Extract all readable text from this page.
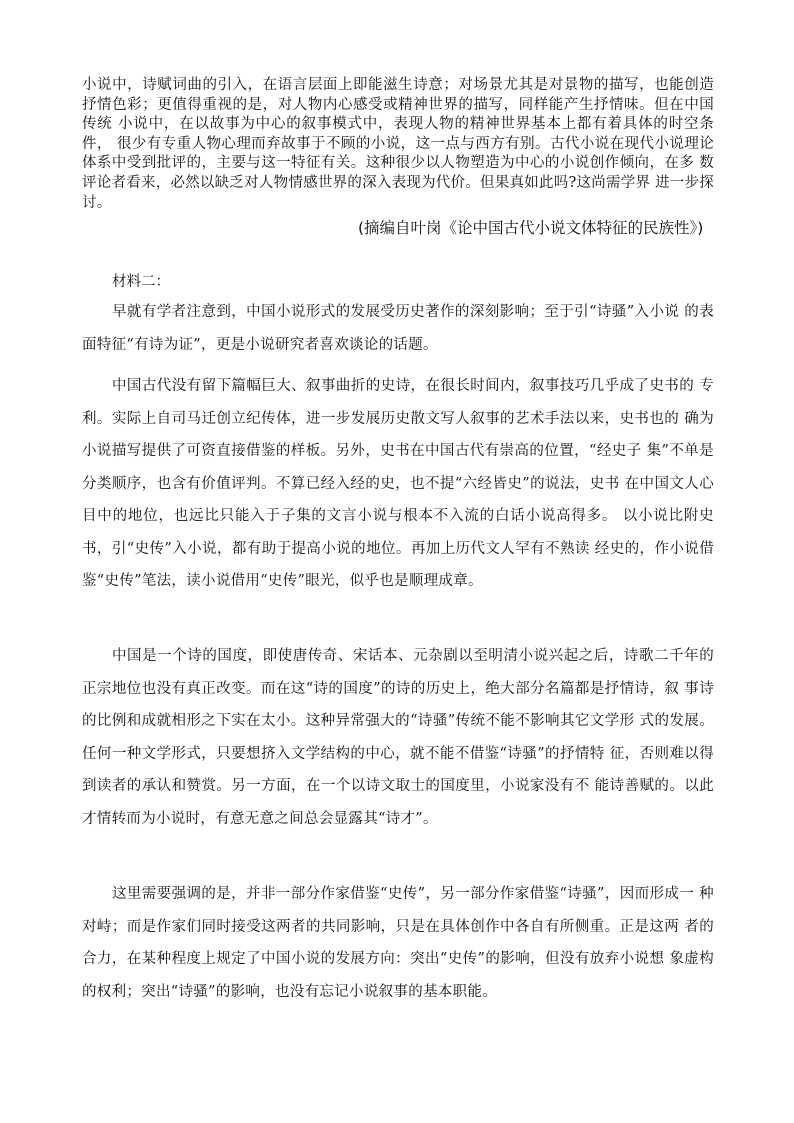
小说中，诗赋词曲的引入，在语言层面上即能滋生诗意；对场景尤其是对景物的描写，也能创造抒情色彩；更值得重视的是，对人物内心感受或精神世界的描写，同样能产生抒情味。但在中国传统 小说中，在以故事为中心的叙事模式中，表现人物的精神世界基本上都有着具体的时空条件， 很少有专重人物心理而弃故事于不顾的小说，这一点与西方有别。古代小说在现代小说理论 体系中受到批评的，主要与这一特征有关。这种很少以人物塑造为中心的小说创作倾向，在多 数评论者看来，必然以缺乏对人物情感世界的深入表现为代价。但果真如此吗?这尚需学界 进一步探讨。

(摘编自叶岗《论中国古代小说文体特征的民族性》)
材料二：

早就有学者注意到，中国小说形式的发展受历史著作的深刻影响；至于引“诗骚”入小说 的表面特征“有诗为证”，更是小说研究者喜欢谈论的话题。

中国古代没有留下篇幅巨大、叙事曲折的史诗，在很长时间内，叙事技巧几乎成了史书的 专利。实际上自司马迁创立纪传体，进一步发展历史散文写人叙事的艺术手法以来，史书也的 确为小说描写提供了可资直接借鉴的样板。另外，史书在中国古代有崇高的位置，“经史子 集”不单是分类顺序，也含有价值评判。不算已经入经的史，也不提“六经皆史”的说法，史书 在中国文人心目中的地位，也远比只能入于子集的文言小说与根本不入流的白话小说高得多。 以小说比附史书，引“史传”入小说，都有助于提高小说的地位。再加上历代文人罕有不熟读 经史的，作小说借鉴“史传”笔法，读小说借用“史传”眼光，似乎也是顺理成章。

中国是一个诗的国度，即使唐传奇、宋话本、元杂剧以至明清小说兴起之后，诗歌二千年的 正宗地位也没有真正改变。而在这“诗的国度”的诗的历史上，绝大部分名篇都是抒情诗，叙 事诗的比例和成就相形之下实在太小。这种异常强大的“诗骚”传统不能不影响其它文学形 式的发展。任何一种文学形式，只要想挤入文学结构的中心，就不能不借鉴“诗骚”的抒情特 征，否则难以得到读者的承认和赞赏。另一方面，在一个以诗文取士的国度里，小说家没有不 能诗善赋的。以此才情转而为小说时，有意无意之间总会显露其“诗才”。

这里需要强调的是，并非一部分作家借鉴“史传”，另一部分作家借鉴“诗骚”，因而形成一 种对峙；而是作家们同时接受这两者的共同影响，只是在具体创作中各自有所侧重。正是这两 者的合力，在某种程度上规定了中国小说的发展方向：突出“史传”的影响，但没有放弃小说想 象虚构的权利；突出“诗骚”的影响，也没有忘记小说叙事的基本职能。
